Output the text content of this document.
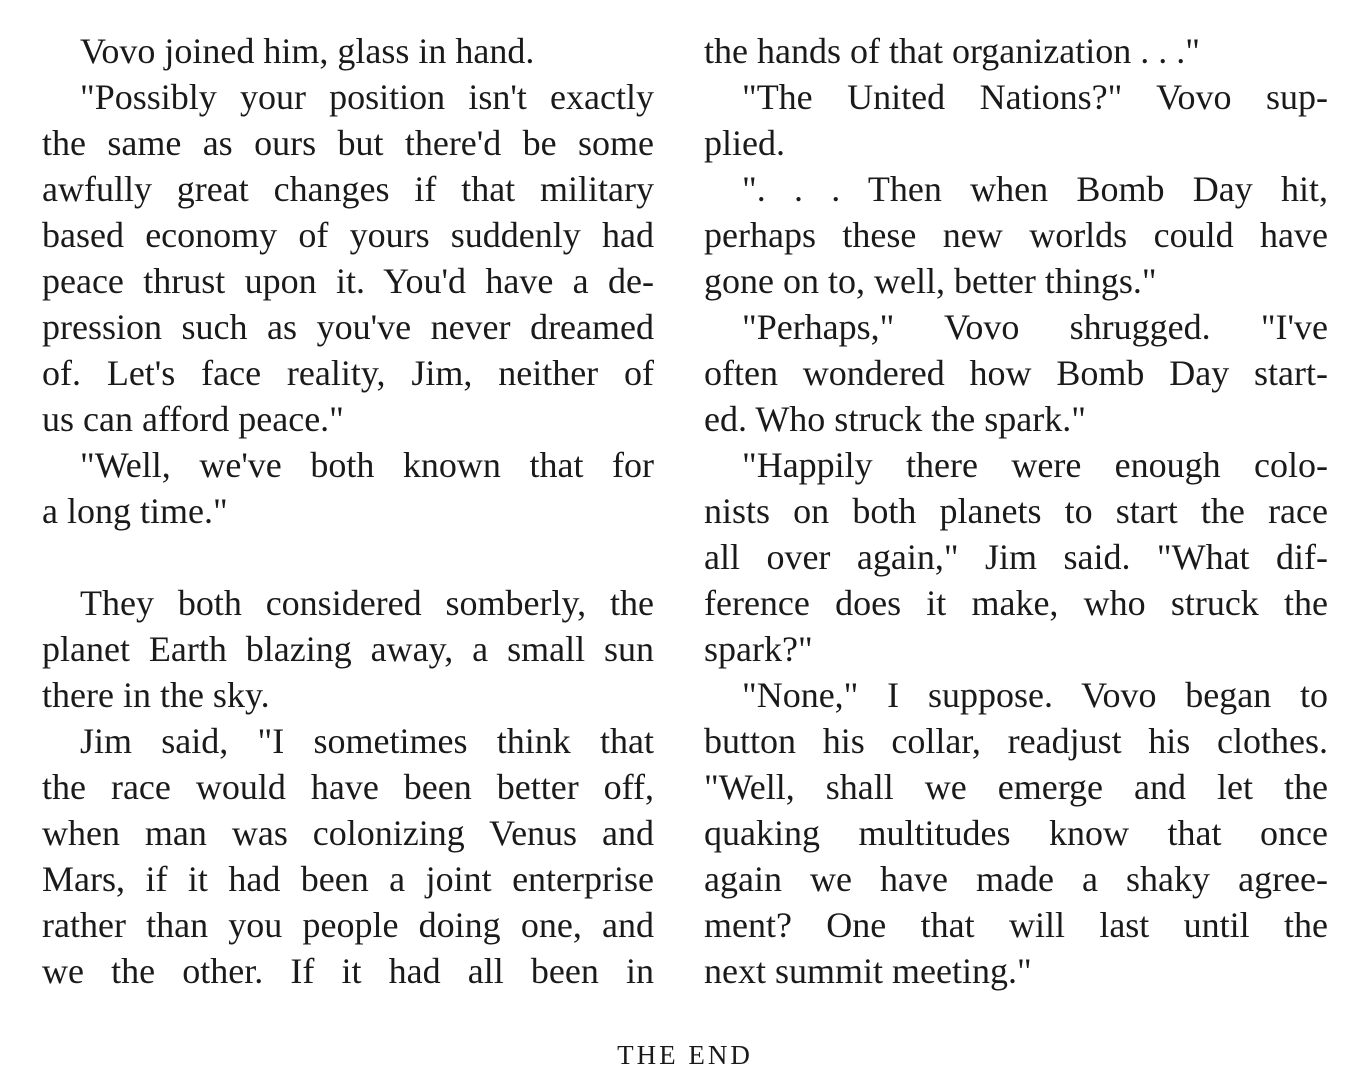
Vovo joined him, glass in hand.
"Possibly your position isn't exactly
the same as ours but there'd be some
awfully great changes if that military
based economy of yours suddenly had
peace thrust upon it. You'd have a de-
pression such as you've never dreamed
of. Let's face reality, Jim, neither of
us can afford peace."
"Well, we've both known that for
a long time."
They both considered somberly, the
planet Earth blazing away, a small sun
there in the sky.
Jim said, "I sometimes think that
the race would have been better off,
when man was colonizing Venus and
Mars, if it had been a joint enterprise
rather than you people doing one, and
we the other. If it had all been in
the hands of that organization . . ."
"The United Nations?" Vovo sup-
plied.
". . . Then when Bomb Day hit,
perhaps these new worlds could have
gone on to, well, better things."
"Perhaps," Vovo shrugged. "I've
often wondered how Bomb Day start-
ed. Who struck the spark."
"Happily there were enough colo-
nists on both planets to start the race
all over again," Jim said. "What dif-
ference does it make, who struck the
spark?"
"None," I suppose. Vovo began to
button his collar, readjust his clothes.
"Well, shall we emerge and let the
quaking multitudes know that once
again we have made a shaky agree-
ment? One that will last until the
next summit meeting."
THE END
